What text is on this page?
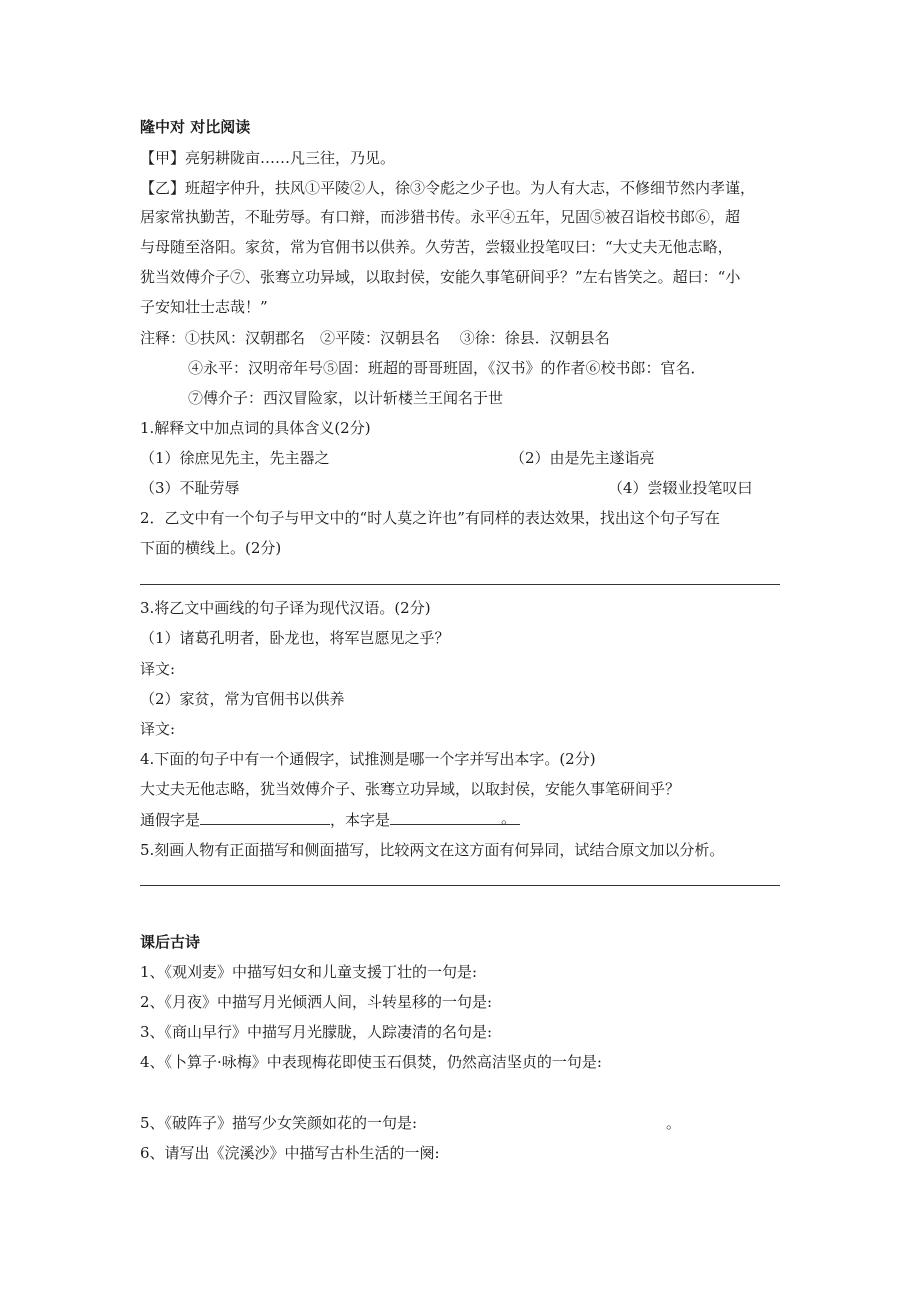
隆中对 对比阅读
【甲】亮躬耕陇亩……凡三往，乃见。
【乙】班超字仲升，扶风①平陵②人，徐③令彪之少子也。为人有大志，不修细节然内孝谨，
居家常执勤苦，不耻劳辱。有口辩，而涉猎书传。永平④五年，兄固⑤被召诣校书郎⑥，超
与母随至洛阳。家贫，常为官佣书以供养。久劳苦，尝辍业投笔叹曰：“大丈夫无他志略，
犹当效傅介子⑦、张骞立功异域，以取封侯，安能久事笔研间乎？”左右皆笑之。超曰：“小
子安知壮士志哉！”
注释：①扶风：汉朝郡名　②平陵：汉朝县名　 ③徐：徐县．汉朝县名
④永平：汉明帝年号⑤固：班超的哥哥班固，《汉书》的作者⑥校书郎：官名．
⑦傅介子：西汉冒险家，以计斩楼兰王闻名于世
1.解释文中加点词的具体含义(2分)
（1）徐庶见先主，先主器之	（2）由是先主遂诣亮
（3）不耻劳辱	（4）尝辍业投笔叹曰
2．乙文中有一个句子与甲文中的“时人莫之许也”有同样的表达效果，找出这个句子写在
下面的横线上。(2分)
3.将乙文中画线的句子译为现代汉语。(2分)
（1）诸葛孔明者，卧龙也，将军岂愿见之乎？
译文:
（2）家贫，常为官佣书以供养
译文:
4.下面的句子中有一个通假字，试推测是哪一个字并写出本字。(2分)
大丈夫无他志略，犹当效傅介子、张骞立功异域，以取封侯，安能久事笔研间乎？
通假字是	，本字是	。
5.刻画人物有正面描写和侧面描写，比较两文在这方面有何异同，试结合原文加以分析。
课后古诗
1、《观刈麦》中描写妇女和儿童支援丁壮的一句是:
2、《月夜》中描写月光倾洒人间，斗转星移的一句是:
3、《商山早行》中描写月光朦胧，人踪凄清的名句是:
4、《卜算子·咏梅》中表现梅花即使玉石俱焚，仍然高洁坚贞的一句是:
5、《破阵子》描写少女笑颜如花的一句是:	。
6、请写出《浣溪沙》中描写古朴生活的一阕:
